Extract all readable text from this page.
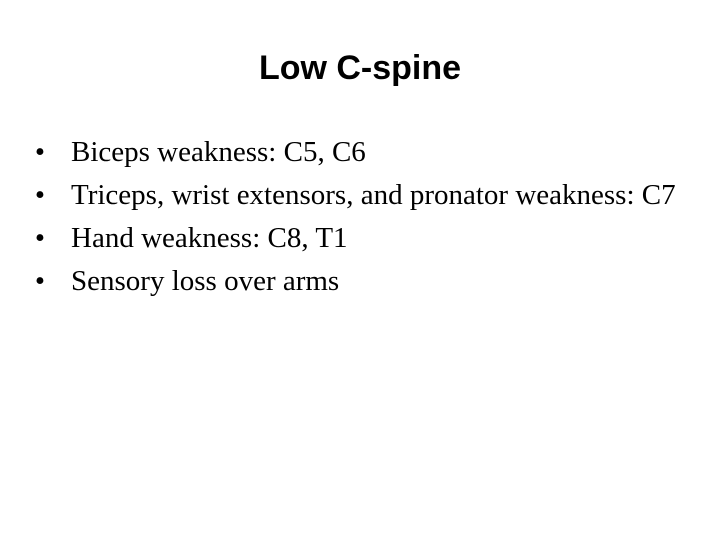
Low C-spine
• Biceps weakness: C5, C6
• Triceps, wrist extensors, and pronator weakness: C7
• Hand weakness: C8, T1
• Sensory loss over arms
